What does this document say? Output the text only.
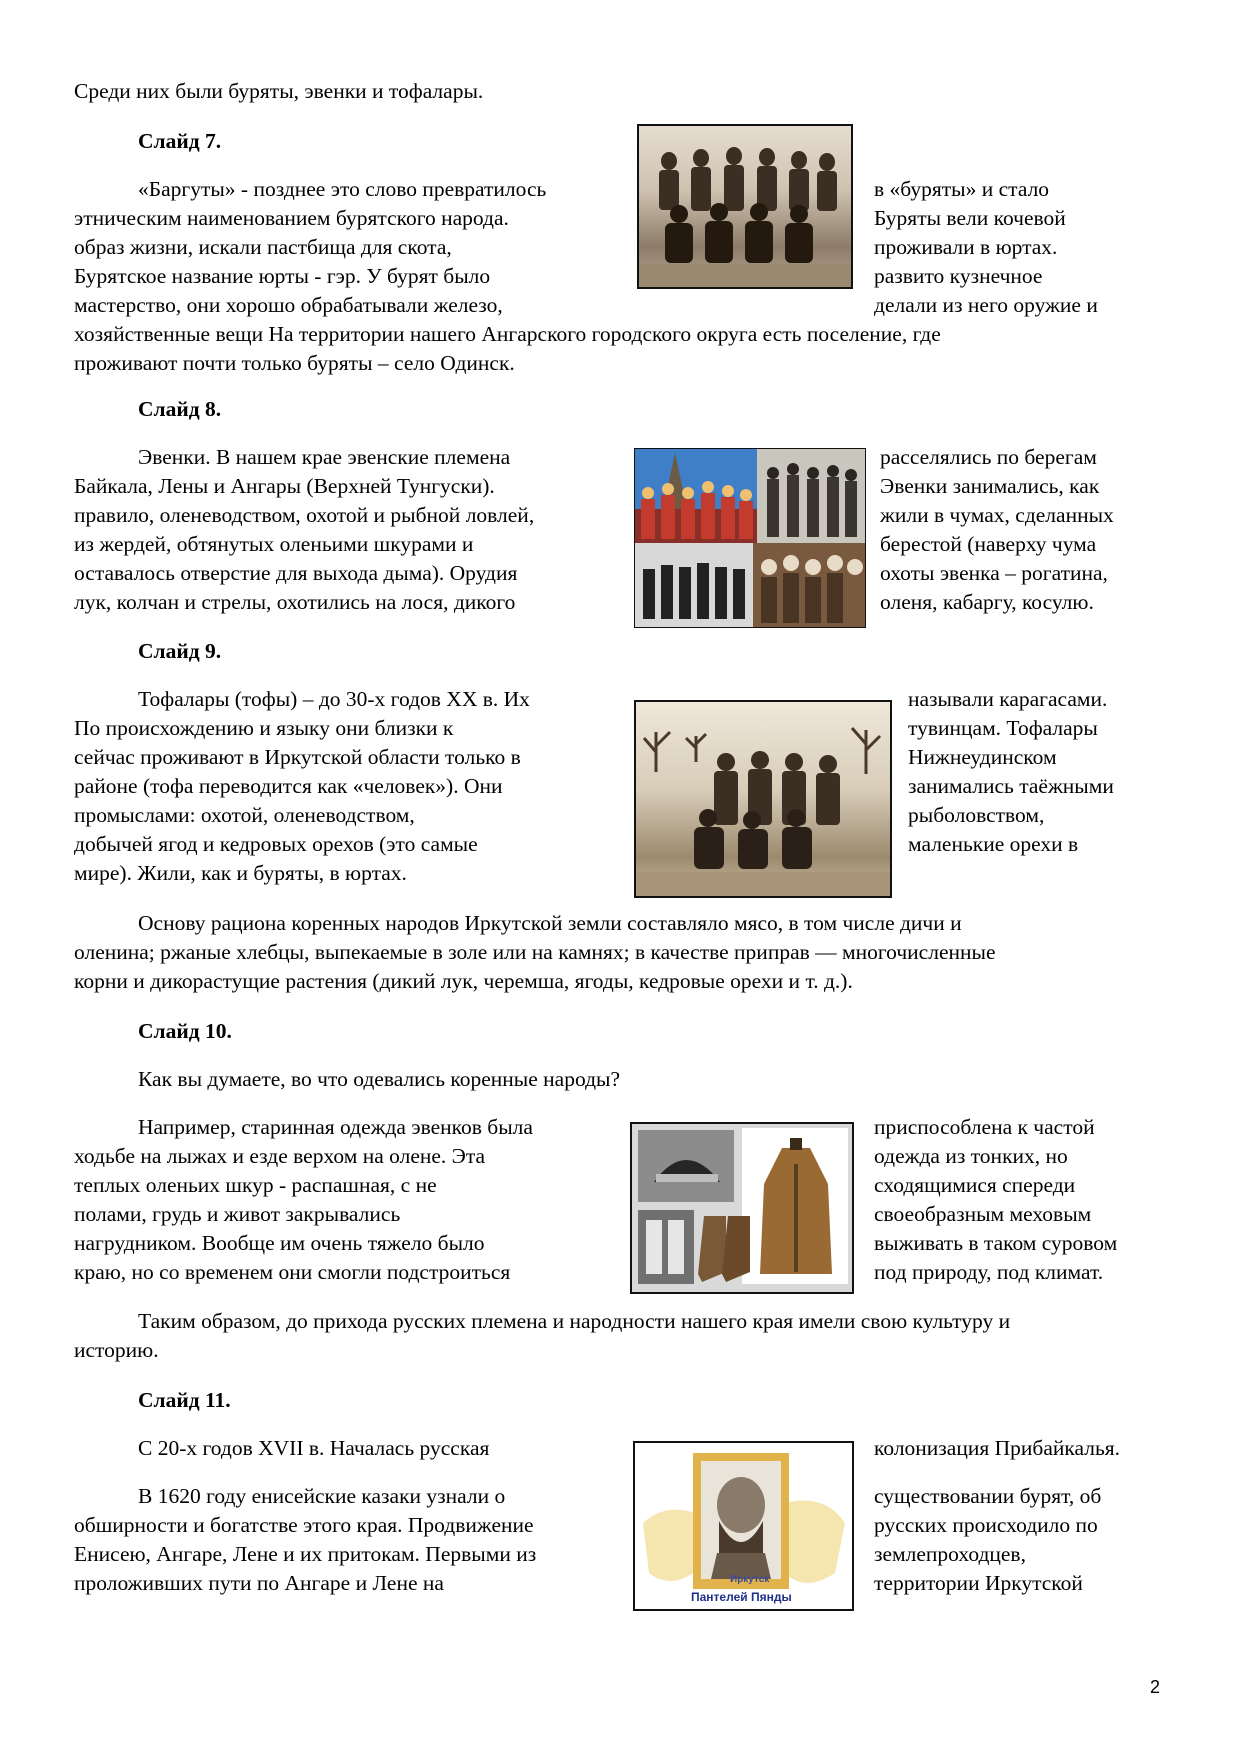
Среди них были буряты, эвенки и тофалары.
Слайд 7.
«Баргуты» - позднее это слово превратилось
этническим наименованием бурятского народа.
образ жизни, искали пастбища для скота,
Бурятское название юрты - гэр. У бурят было
мастерство, они хорошо обрабатывали железо,
в «буряты» и стало
Буряты вели кочевой
проживали в юртах.
развито кузнечное
делали из него оружие и
хозяйственные вещи На территории нашего Ангарского городского округа есть поселение, где
проживают почти только буряты – село Одинск.
Слайд 8.
Эвенки. В нашем крае эвенские племена
Байкала, Лены и Ангары (Верхней Тунгуски).
правило, оленеводством, охотой и рыбной ловлей,
из жердей, обтянутых оленьими шкурами и
оставалось отверстие для выхода дыма). Орудия
лук, колчан и стрелы, охотились на лося, дикого
расселялись по берегам
Эвенки занимались, как
жили в чумах, сделанных
берестой (наверху чума
охоты эвенка – рогатина,
оленя, кабаргу, косулю.
Слайд 9.
Тофалары (тофы) – до 30-х годов XX в. Их
По происхождению и языку они близки к
сейчас проживают в Иркутской области только в
районе (тофа переводится как «человек»). Они
промыслами: охотой, оленеводством,
добычей ягод и кедровых орехов (это самые
мире). Жили, как и буряты, в юртах.
называли карагасами.
тувинцам. Тофалары
Нижнеудинском
занимались таёжными
рыболовством,
маленькие орехи в
Основу рациона коренных народов Иркутской земли составляло мясо, в том числе дичи и
оленина; ржаные хлебцы, выпекаемые в золе или на камнях; в качестве приправ — многочисленные
корни и дикорастущие растения (дикий лук, черемша, ягоды, кедровые орехи и т. д.).
Слайд 10.
Как вы думаете, во что одевались коренные народы?
Например, старинная одежда эвенков была
ходьбе на лыжах и езде верхом на олене. Эта
теплых оленьих шкур - распашная, с не
полами, грудь и живот закрывались
нагрудником. Вообще им очень тяжело было
краю, но со временем они смогли подстроиться
приспособлена к частой
одежда из тонких, но
сходящимися спереди
своеобразным меховым
выживать в таком суровом
под природу, под климат.
Таким образом, до прихода русских племена и народности нашего края имели свою культуру и
историю.
Слайд 11.
С 20-х годов XVII в. Началась русская	колонизация Прибайкалья.
В 1620 году енисейские казаки узнали о
обширности и богатстве этого края. Продвижение
Енисею, Ангаре, Лене и их притокам. Первыми из
проложивших пути по Ангаре и Лене на
существовании бурят, об
русских происходило по
землепроходцев,
территории Иркутской
Иркутск
Пантелей Пянды
2
